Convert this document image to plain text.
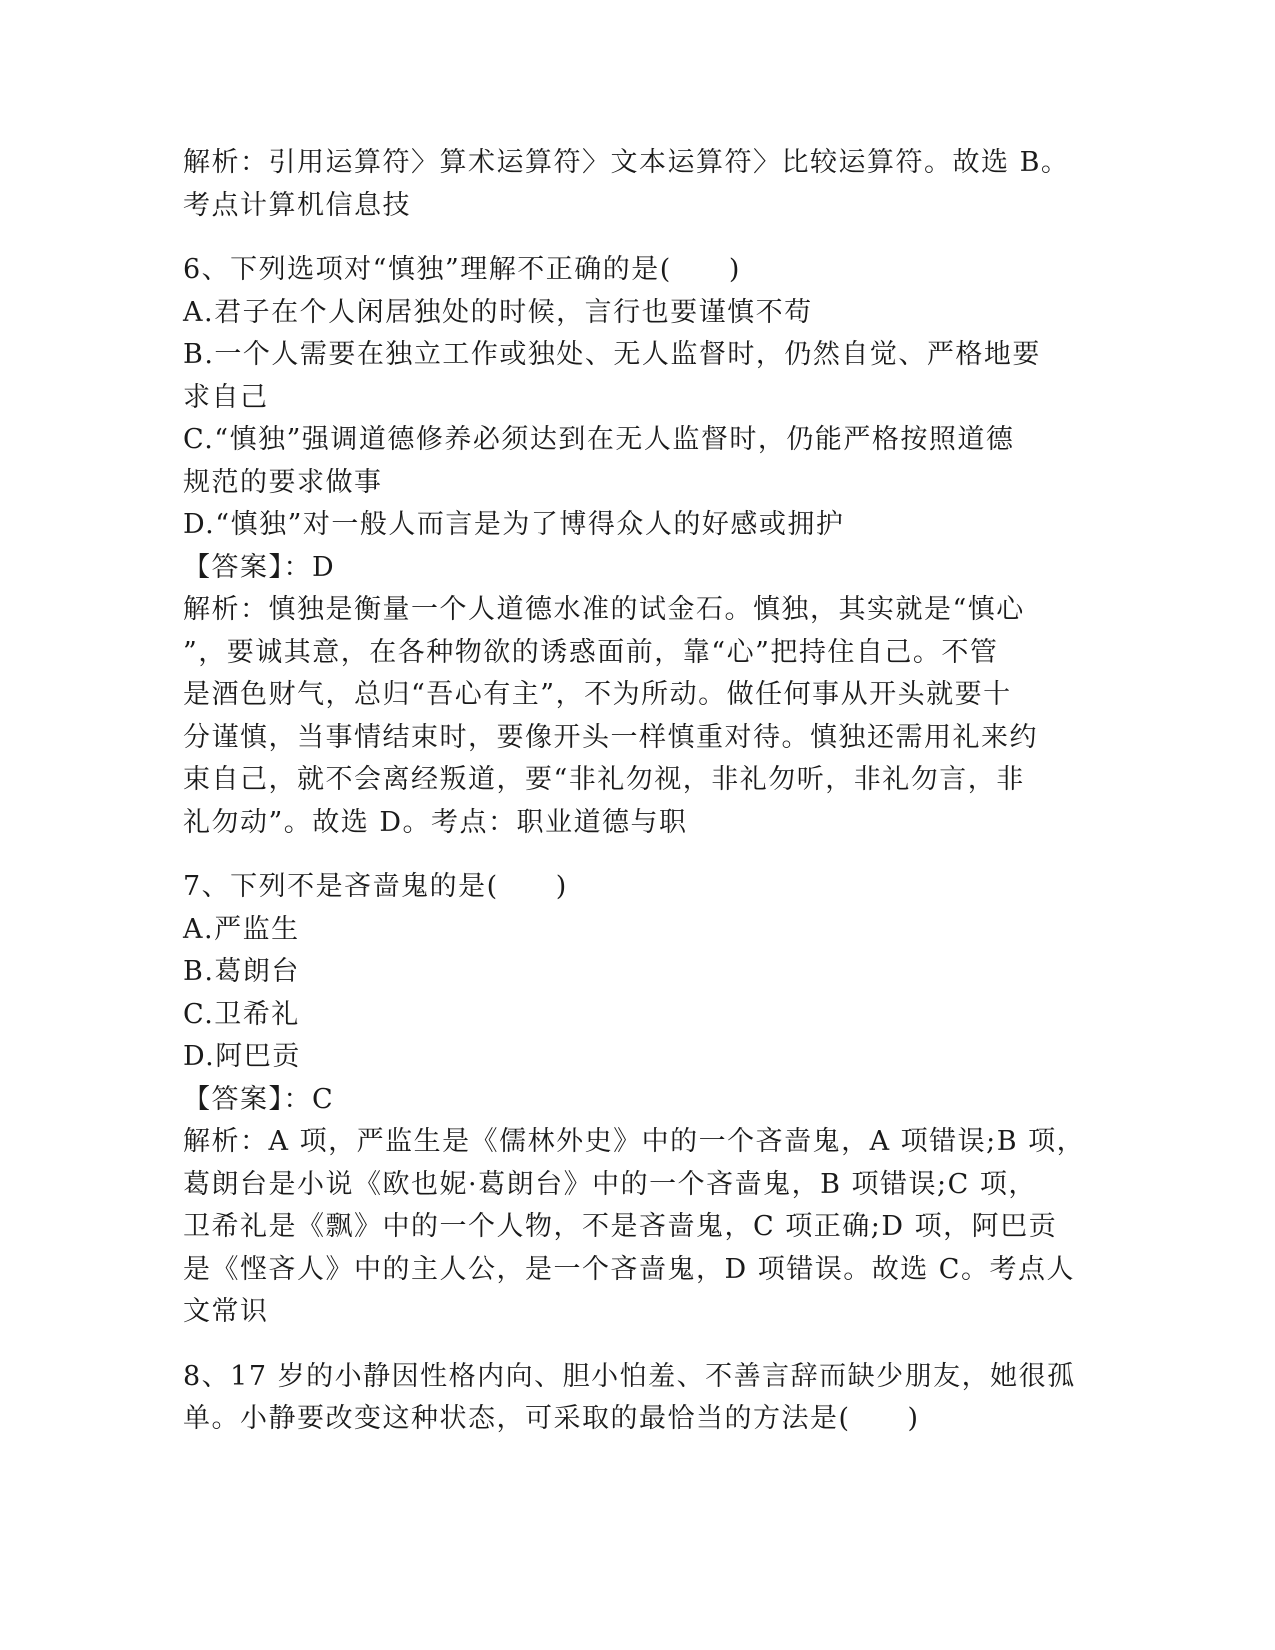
解析：引用运算符〉算术运算符〉文本运算符〉比较运算符。故选 B。
考点计算机信息技
6、下列选项对“慎独”理解不正确的是(　　)
A.君子在个人闲居独处的时候，言行也要谨慎不苟
B.一个人需要在独立工作或独处、无人监督时，仍然自觉、严格地要
求自己
C.“慎独”强调道德修养必须达到在无人监督时，仍能严格按照道德
规范的要求做事
D.“慎独”对一般人而言是为了博得众人的好感或拥护
【答案】：D
解析：慎独是衡量一个人道德水准的试金石。慎独，其实就是“慎心
”，要诚其意，在各种物欲的诱惑面前，靠“心”把持住自己。不管
是酒色财气，总归“吾心有主”，不为所动。做任何事从开头就要十
分谨慎，当事情结束时，要像开头一样慎重对待。慎独还需用礼来约
束自己，就不会离经叛道，要“非礼勿视，非礼勿听，非礼勿言，非
礼勿动”。故选 D。考点：职业道德与职
7、下列不是吝啬鬼的是(　　)
A.严监生
B.葛朗台
C.卫希礼
D.阿巴贡
【答案】：C
解析：A 项，严监生是《儒林外史》中的一个吝啬鬼，A 项错误;B 项，
葛朗台是小说《欧也妮·葛朗台》中的一个吝啬鬼，B 项错误;C 项，
卫希礼是《飘》中的一个人物，不是吝啬鬼，C 项正确;D 项，阿巴贡
是《悭吝人》中的主人公，是一个吝啬鬼，D 项错误。故选 C。考点人
文常识
8、17 岁的小静因性格内向、胆小怕羞、不善言辞而缺少朋友，她很孤
单。小静要改变这种状态，可采取的最恰当的方法是(　　)
